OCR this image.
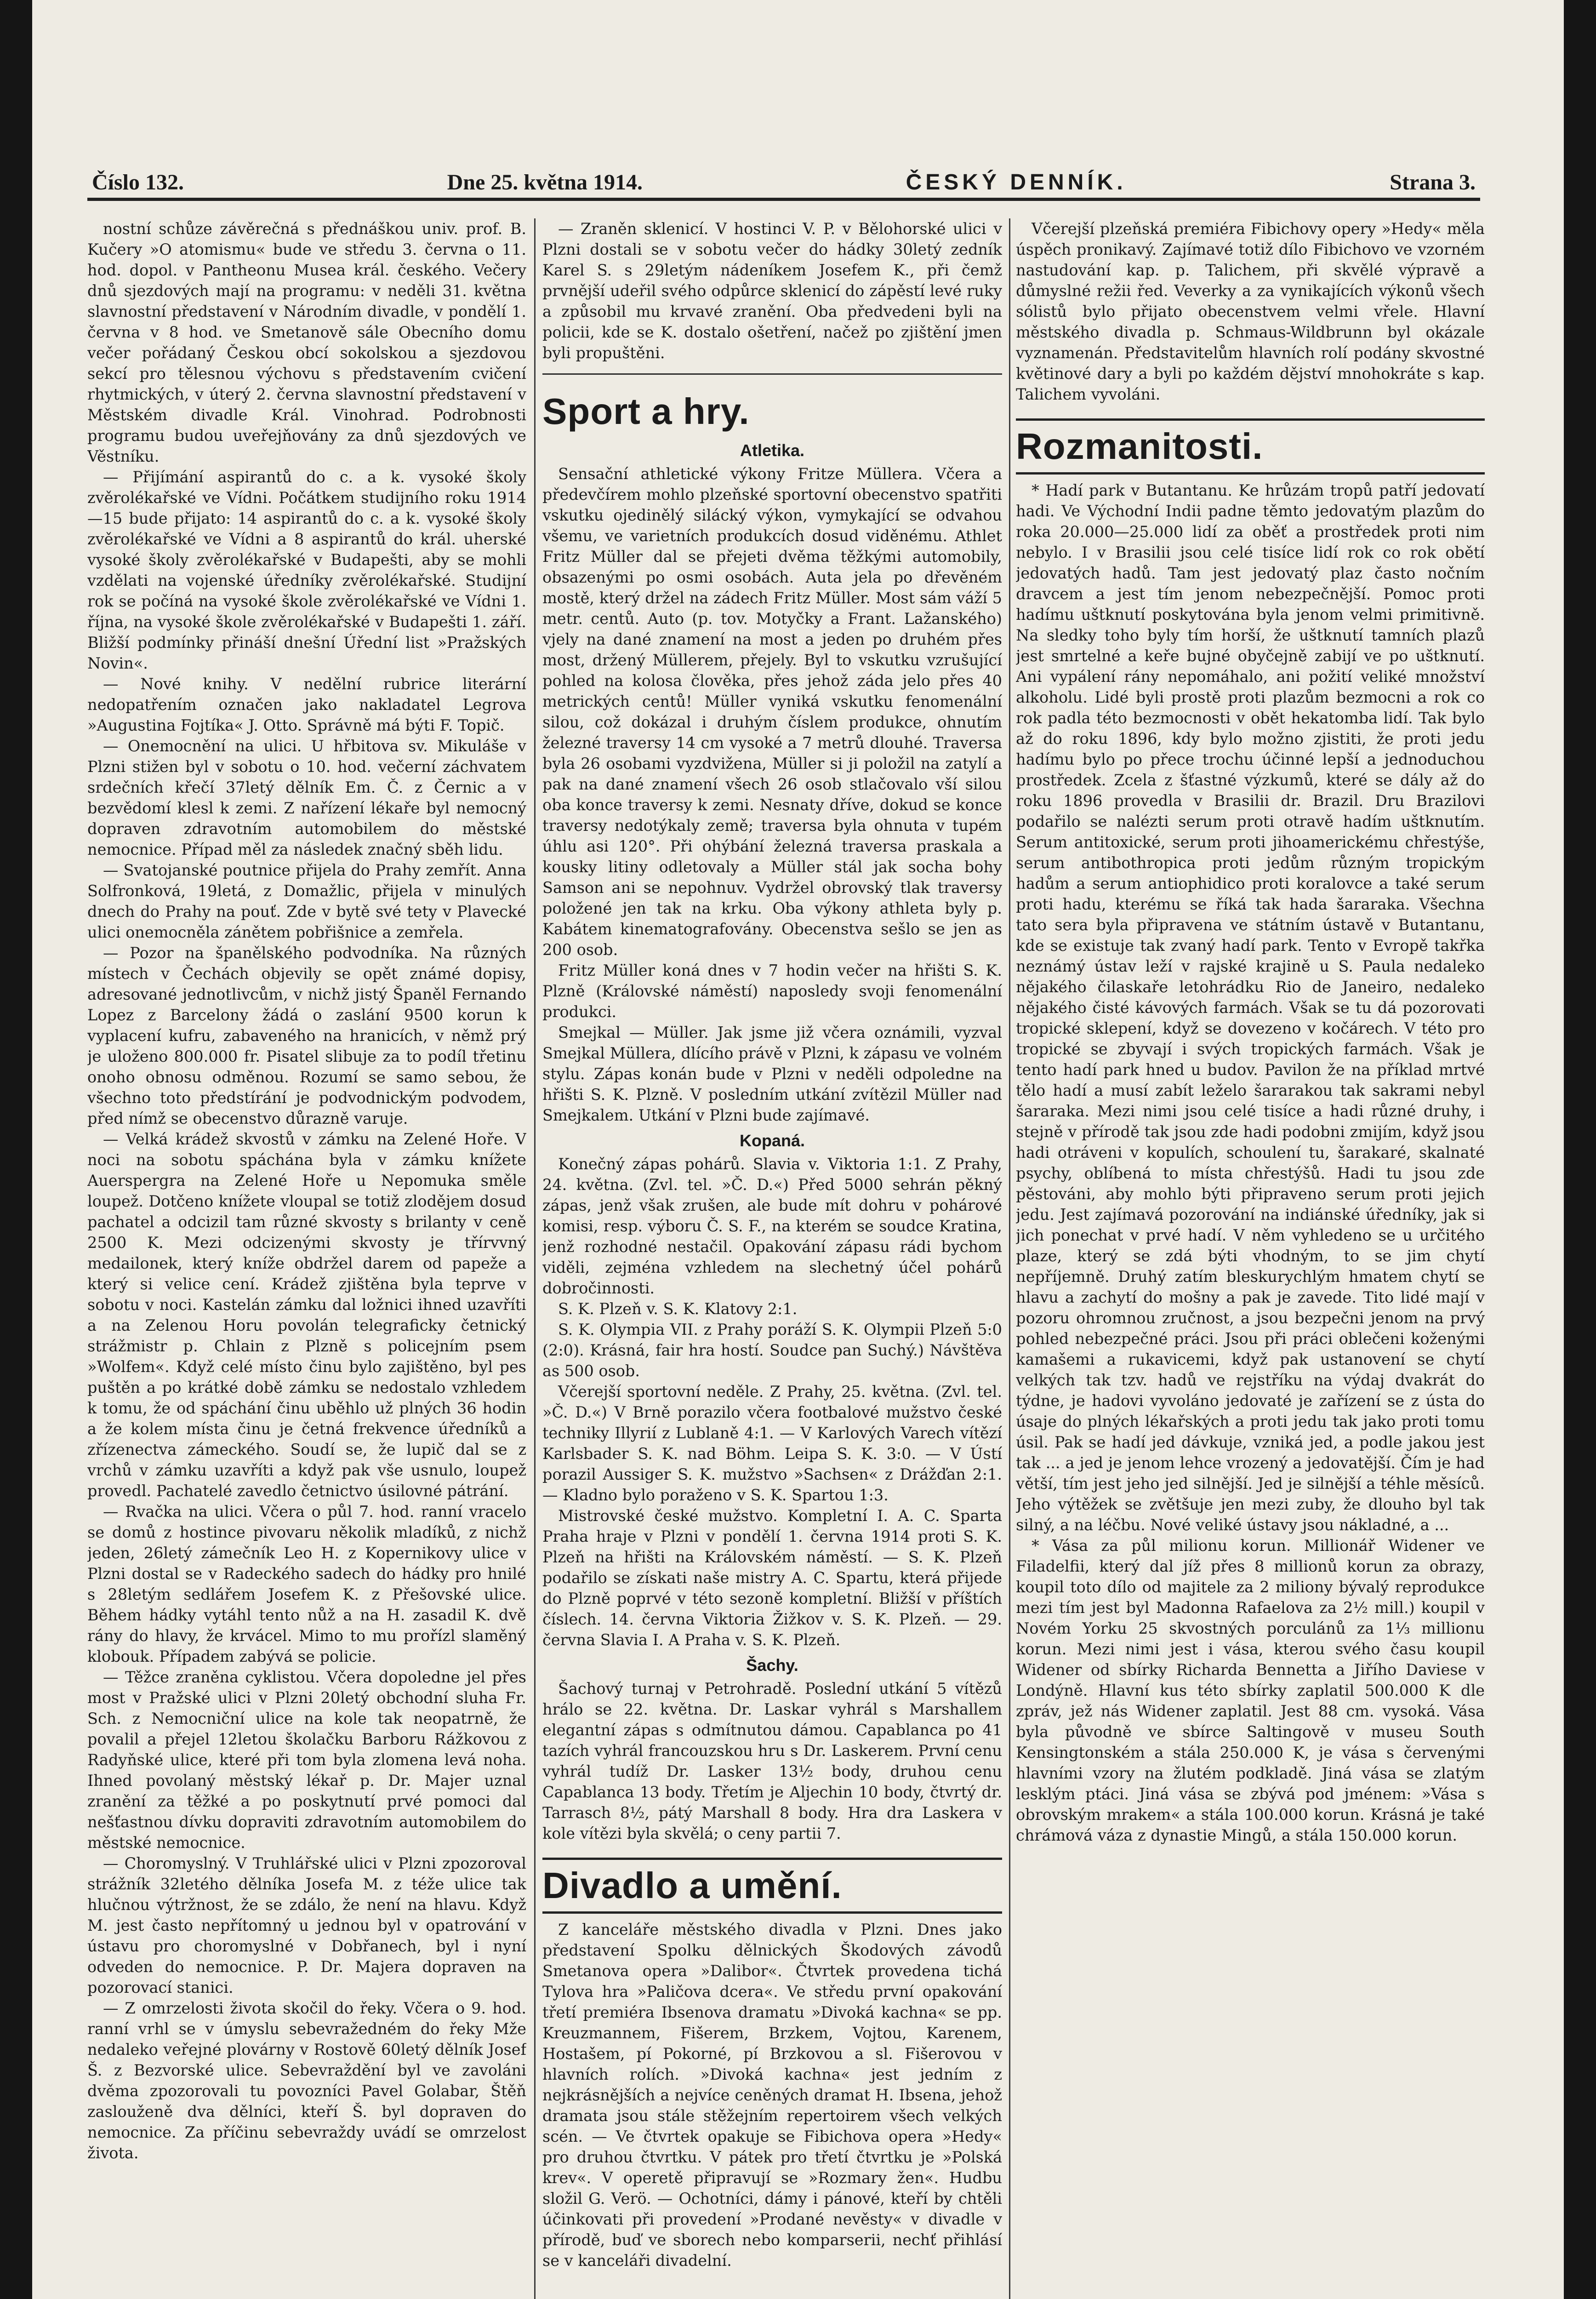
Číslo 132.	Dne 25. května 1914.	ČESKÝ DENNÍK.	Strana 3.

nostní schůze závěrečná s přednáškou univ. prof. B. Kučery »O atomismu« bude ve středu 3. června o 11. hod. dopol. v Pantheonu Musea král. českého. Večery dnů sjezdových mají na programu: v neděli 31. května slavnostní představení v Národním divadle, v pondělí 1. června v 8 hod. ve Smetanově sále Obecního domu večer pořádaný Českou obcí sokolskou a sjezdovou sekcí pro tělesnou výchovu s představením cvičení rhytmických, v úterý 2. června slavnostní představení v Městském divadle Král. Vinohrad. Podrobnosti programu budou uveřejňovány za dnů sjezdových ve Věstníku.

— Přijímání aspirantů do c. a k. vysoké školy zvěrolékařské ve Vídni. Počátkem studijního roku 1914—15 bude přijato: 14 aspirantů do c. a k. vysoké školy zvěrolékařské ve Vídni a 8 aspirantů do král. uherské vysoké školy zvěrolékařské v Budapešti, aby se mohli vzdělati na vojenské úředníky zvěrolékařské. Studijní rok se počíná na vysoké škole zvěrolékařské ve Vídni 1. října, na vysoké škole zvěrolékařské v Budapešti 1. září. Bližší podmínky přináší dnešní Úřední list »Pražských Novin«.

— Nové knihy. V nedělní rubrice literární nedopatřením označen jako nakladatel Legrova »Augustina Fojtíka« J. Otto. Správně má býti F. Topič.

— Onemocnění na ulici. U hřbitova sv. Mikuláše v Plzni stižen byl v sobotu o 10. hod. večerní záchvatem srdečních křečí 37letý dělník Em. Č. z Černic a v bezvědomí klesl k zemi. Z nařízení lékaře byl nemocný dopraven zdravotním automobilem do městské nemocnice. Případ měl za následek značný sběh lidu.

— Svatojanské poutnice přijela do Prahy zemřít. Anna Solfronková, 19letá, z Domažlic, přijela v minulých dnech do Prahy na pouť. Zde v bytě své tety v Plavecké ulici onemocněla zánětem pobřišnice a zemřela.

— Pozor na španělského podvodníka. Na různých místech v Čechách objevily se opět známé dopisy, adresované jednotlivcům, v nichž jistý Španěl Fernando Lopez z Barcelony žádá o zaslání 9500 korun k vyplacení kufru, zabaveného na hranicích, v němž prý je uloženo 800.000 fr. Pisatel slibuje za to podíl třetinu onoho obnosu odměnou. Rozumí se samo sebou, že všechno toto předstírání je podvodnickým podvodem, před nímž se obecenstvo důrazně varuje.

— Velká krádež skvostů v zámku na Zelené Hoře. V noci na sobotu spáchána byla v zámku knížete Auerspergra na Zelené Hoře u Nepomuka směle loupež. Dotčeno knížete vloupal se totiž zlodějem dosud pachatel a odcizil tam různé skvosty s brilanty v ceně 2500 K. Mezi odcizenými skvosty je třírvvný medailonek, který kníže obdržel darem od papeže a který si velice cení. Krádež zjištěna byla teprve v sobotu v noci. Kastelán zámku dal ložnici ihned uzavříti a na Zelenou Horu povolán telegraficky četnický strážmistr p. Chlain z Plzně s policejním psem »Wolfem«. Když celé místo činu bylo zajištěno, byl pes puštěn a po krátké době zámku se nedostalo vzhledem k tomu, že od spáchání činu uběhlo už plných 36 hodin a že kolem místa činu je četná frekvence úředníků a zřízenectva zámeckého. Soudí se, že lupič dal se z vrchů v zámku uzavříti a když pak vše usnulo, loupež provedl. Pachatelé zavedlo četnictvo úsilovné pátrání.

— Rvačka na ulici. Včera o půl 7. hod. ranní vracelo se domů z hostince pivovaru několik mladíků, z nichž jeden, 26letý zámečník Leo H. z Kopernikovy ulice v Plzni dostal se v Radeckého sadech do hádky pro hnilé s 28letým sedlářem Josefem K. z Přešovské ulice. Během hádky vytáhl tento nůž a na H. zasadil K. dvě rány do hlavy, že krvácel. Mimo to mu prořízl slaměný klobouk. Případem zabývá se policie.

— Těžce zraněna cyklistou. Včera dopoledne jel přes most v Pražské ulici v Plzni 20letý obchodní sluha Fr. Sch. z Nemocniční ulice na kole tak neopatrně, že povalil a přejel 12letou školačku Barboru Rážkovou z Radyňské ulice, které při tom byla zlomena levá noha. Ihned povolaný městský lékař p. Dr. Majer uznal zranění za těžké a po poskytnutí prvé pomoci dal nešťastnou dívku dopraviti zdravotním automobilem do městské nemocnice.

— Choromyslný. V Truhlářské ulici v Plzni zpozoroval strážník 32letého dělníka Josefa M. z téže ulice tak hlučnou výtržnost, že se zdálo, že není na hlavu. Když M. jest často nepřítomný u jednou byl v opatrování v ústavu pro choromyslné v Dobřanech, byl i nyní odveden do nemocnice. P. Dr. Majera dopraven na pozorovací stanici.

— Z omrzelosti života skočil do řeky. Včera o 9. hod. ranní vrhl se v úmyslu sebevražedném do řeky Mže nedaleko veřejné plovárny v Rostově 60letý dělník Josef Š. z Bezvorské ulice. Sebevraždění byl ve zavoláni dvěma zpozorovali tu povozníci Pavel Golabar, Štěň zaslouženě dva dělníci, kteří Š. byl dopraven do nemocnice. Za příčinu sebevraždy uvádí se omrzelost života.

— Zraněn sklenicí. V hostinci V. P. v Bělohorské ulici v Plzni dostali se v sobotu večer do hádky 30letý zedník Karel S. s 29letým nádeníkem Josefem K., při čemž prvnější udeřil svého odpůrce sklenicí do zápěstí levé ruky a způsobil mu krvavé zranění. Oba předvedeni byli na policii, kde se K. dostalo ošetření, načež po zjištění jmen byli propuštěni.

Sport a hry.
Atletika.

Sensační athletické výkony Fritze Müllera. Včera a předevčírem mohlo plzeňské sportovní obecenstvo spatřiti vskutku ojedinělý silácký výkon, vymykající se odvahou všemu, ve varietních produkcích dosud viděnému. Athlet Fritz Müller dal se přejeti dvěma těžkými automobily, obsazenými po osmi osobách. Auta jela po dřevěném mostě, který držel na zádech Fritz Müller. Most sám váží 5 metr. centů. Auto (p. tov. Motyčky a Frant. Lažanského) vjely na dané znamení na most a jeden po druhém přes most, držený Müllerem, přejely. Byl to vskutku vzrušující pohled na kolosa člověka, přes jehož záda jelo přes 40 metrických centů! Müller vyniká vskutku fenomenální silou, což dokázal i druhým číslem produkce, ohnutím železné traversy 14 cm vysoké a 7 metrů dlouhé. Traversa byla 26 osobami vyzdvižena, Müller si ji položil na zatylí a pak na dané znamení všech 26 osob stlačovalo vší silou oba konce traversy k zemi. Nesnaty dříve, dokud se konce traversy nedotýkaly země; traversa byla ohnuta v tupém úhlu asi 120°. Při ohýbání železná traversa praskala a kousky litiny odletovaly a Müller stál jak socha bohy Samson ani se nepohnuv. Vydržel obrovský tlak traversy položené jen tak na krku. Oba výkony athleta byly p. Kabátem kinematografovány. Obecenstva sešlo se jen as 200 osob.

Fritz Müller koná dnes v 7 hodin večer na hřišti S. K. Plzně (Královské náměstí) naposledy svoji fenomenální produkci.

Smejkal — Müller. Jak jsme již včera oznámili, vyzval Smejkal Müllera, dlícího právě v Plzni, k zápasu ve volném stylu. Zápas konán bude v Plzni v neděli odpoledne na hřišti S. K. Plzně. V posledním utkání zvítězil Müller nad Smejkalem. Utkání v Plzni bude zajímavé.

Kopaná.

Konečný zápas pohárů. Slavia v. Viktoria 1:1. Z Prahy, 24. května. (Zvl. tel. »Č. D.«) Před 5000 sehrán pěkný zápas, jenž však zrušen, ale bude mít dohru v pohárové komisi, resp. výboru Č. S. F., na kterém se soudce Kratina, jenž rozhodné nestačil. Opakování zápasu rádi bychom viděli, zejména vzhledem na slechetný účel pohárů dobročinnosti.

S. K. Plzeň v. S. K. Klatovy 2:1.

S. K. Olympia VII. z Prahy poráží S. K. Olympii Plzeň 5:0 (2:0). Krásná, fair hra hostí. Soudce pan Suchý.) Návštěva as 500 osob.

Včerejší sportovní neděle. Z Prahy, 25. května. (Zvl. tel. »Č. D.«) V Brně porazilo včera footbalové mužstvo české techniky Illyrií z Lublaně 4:1. — V Karlových Varech vítězí Karlsbader S. K. nad Böhm. Leipa S. K. 3:0. — V Ústí porazil Aussiger S. K. mužstvo »Sachsen« z Drážďan 2:1. — Kladno bylo poraženo v S. K. Spartou 1:3.

Mistrovské české mužstvo. Kompletní I. A. C. Sparta Praha hraje v Plzni v pondělí 1. června 1914 proti S. K. Plzeň na hřišti na Královském náměstí. — S. K. Plzeň podařilo se získati naše mistry A. C. Spartu, která přijede do Plzně poprvé v této sezoně kompletní. Bližší v příštích číslech. 14. června Viktoria Žižkov v. S. K. Plzeň. — 29. června Slavia I. A Praha v. S. K. Plzeň.

Šachy.

Šachový turnaj v Petrohradě. Poslední utkání 5 vítězů hrálo se 22. května. Dr. Laskar vyhrál s Marshallem elegantní zápas s odmítnutou dámou. Capablanca po 41 tazích vyhrál francouzskou hru s Dr. Laskerem. První cenu vyhrál tudíž Dr. Lasker 13½ body, druhou cenu Capablanca 13 body. Třetím je Aljechin 10 body, čtvrtý dr. Tarrasch 8½, pátý Marshall 8 body. Hra dra Laskera v kole vítězi byla skvělá; o ceny partii 7.

Divadlo a umění.

Z kanceláře městského divadla v Plzni. Dnes jako představení Spolku dělnických Škodových závodů Smetanova opera »Dalibor«. Čtvrtek provedena tichá Tylova hra »Paličova dcera«. Ve středu první opakování třetí premiéra Ibsenova dramatu »Divoká kachna« se pp. Kreuzmannem, Fišerem, Brzkem, Vojtou, Karenem, Hostašem, pí Pokorné, pí Brzkovou a sl. Fišerovou v hlavních rolích. »Divoká kachna« jest jedním z nejkrásnějších a nejvíce ceněných dramat H. Ibsena, jehož dramata jsou stále stěžejním repertoirem všech velkých scén. — Ve čtvrtek opakuje se Fibichova opera »Hedy« pro druhou čtvrtku. V pátek pro třetí čtvrtku je »Polská krev«. V operetě připravují se »Rozmary žen«. Hudbu složil G. Verö. — Ochotníci, dámy i pánové, kteří by chtěli účinkovati při provedení »Prodané nevěsty« v divadle v přírodě, buď ve sborech nebo komparserii, nechť přihlásí se v kanceláři divadelní.

Včerejší plzeňská premiéra Fibichovy opery »Hedy« měla úspěch pronikavý. Zajímavé totiž dílo Fibichovo ve vzorném nastudování kap. p. Talichem, při skvělé výpravě a důmyslné režii řed. Veverky a za vynikajících výkonů všech sólistů bylo přijato obecenstvem velmi vřele. Hlavní městského divadla p. Schmaus-Wildbrunn byl okázale vyznamenán. Představitelům hlavních rolí podány skvostné květinové dary a byli po každém dějství mnohokráte s kap. Talichem vyvoláni.

Rozmanitosti.

* Hadí park v Butantanu. Ke hrůzám tropů patří jedovatí hadi. Ve Východní Indii padne těmto jedovatým plazům do roka 20.000—25.000 lidí za oběť a prostředek proti nim nebylo. I v Brasilii jsou celé tisíce lidí rok co rok obětí jedovatých hadů. Tam jest jedovatý plaz často nočním dravcem a jest tím jenom nebezpečnější. Pomoc proti hadímu uštknutí poskytována byla jenom velmi primitivně. Na sledky toho byly tím horší, že uštknutí tamních plazů jest smrtelné a keře bujné obyčejně zabijí ve po uštknutí. Ani vypálení rány nepomáhalo, ani požití veliké množství alkoholu. Lidé byli prostě proti plazům bezmocni a rok co rok padla této bezmocnosti v obět hekatomba lidí. Tak bylo až do roku 1896, kdy bylo možno zjistiti, že proti jedu hadímu bylo po přece trochu účinné lepší a jednoduchou prostředek. Zcela z šťastné výzkumů, které se dály až do roku 1896 provedla v Brasilii dr. Brazil. Dru Brazilovi podařilo se nalézti serum proti otravě hadím uštknutím. Serum antitoxické, serum proti jihoamerickému chřestýše, serum antibothropica proti jedům různým tropickým hadům a serum antiophidico proti koralovce a také serum proti hadu, kterému se říká tak hada šararaka. Všechna tato sera byla připravena ve státním ústavě v Butantanu, kde se existuje tak zvaný hadí park. Tento v Evropě takřka neznámý ústav leží v rajské krajině u S. Paula nedaleko nějakého čilaskaře letohrádku Rio de Janeiro, nedaleko nějakého čisté kávových farmách. Však se tu dá pozorovati tropické sklepení, když se dovezeno v kočárech. V této pro tropické se zbyvají i svých tropických farmách. Však je tento hadí park hned u budov. Pavilon že na příklad mrtvé tělo hadí a musí zabít leželo šararakou tak sakrami nebyl šararaka. Mezi nimi jsou celé tisíce a hadi různé druhy, i stejně v přírodě tak jsou zde hadi podobni zmijím, když jsou hadi otráveni v kopulích, schoulení tu, šarakaré, skalnaté psychy, oblíbená to místa chřestýšů. Hadi tu jsou zde pěstováni, aby mohlo býti připraveno serum proti jejich jedu. Jest zajímavá pozorování na indiánské úředníky, jak si jich ponechat v prvé hadí. V něm vyhledeno se u určitého plaze, který se zdá býti vhodným, to se jim chytí nepříjemně. Druhý zatím bleskurychlým hmatem chytí se hlavu a zachytí do mošny a pak je zavede. Tito lidé mají v pozoru ohromnou zručnost, a jsou bezpečni jenom na prvý pohled nebezpečné práci. Jsou při práci oblečeni koženými kamašemi a rukavicemi, když pak ustanovení se chytí velkých tak tzv. hadů ve rejstříku na výdaj dvakrát do týdne, je hadovi vyvoláno jedovaté je zařízení se z ústa do úsaje do plných lékařských a proti jedu tak jako proti tomu úsil. Pak se hadí jed dávkuje, vzniká jed, a podle jakou jest tak ... a jed je jenom lehce vrozený a jedovatější. Čím je had větší, tím jest jeho jed silnější. Jed je silnější a téhle měsíců. Jeho výtěžek se zvětšuje jen mezi zuby, že dlouho byl tak silný, a na léčbu. Nové veliké ústavy jsou nákladné, a ...

* Vása za půl milionu korun. Millionář Widener ve Filadelfii, který dal jíž přes 8 millionů korun za obrazy, koupil toto dílo od majitele za 2 miliony bývalý reprodukce mezi tím jest byl Madonna Rafaelova za 2½ mill.) koupil v Novém Yorku 25 skvostných porculánů za 1⅓ millionu korun. Mezi nimi jest i vása, kterou svého času koupil Widener od sbírky Richarda Bennetta a Jiřího Daviese v Londýně. Hlavní kus této sbírky zaplatil 500.000 K dle zpráv, jež nás Widener zaplatil. Jest 88 cm. vysoká. Vása byla původně ve sbírce Saltingově v museu South Kensingtonském a stála 250.000 K, je vása s červenými hlavními vzory na žlutém podkladě. Jiná vása se zlatým lesklým ptáci. Jiná vása se zbývá pod jménem: »Vása s obrovským mrakem« a stála 100.000 korun. Krásná je také chrámová váza z dynastie Mingů, a stála 150.000 korun.
